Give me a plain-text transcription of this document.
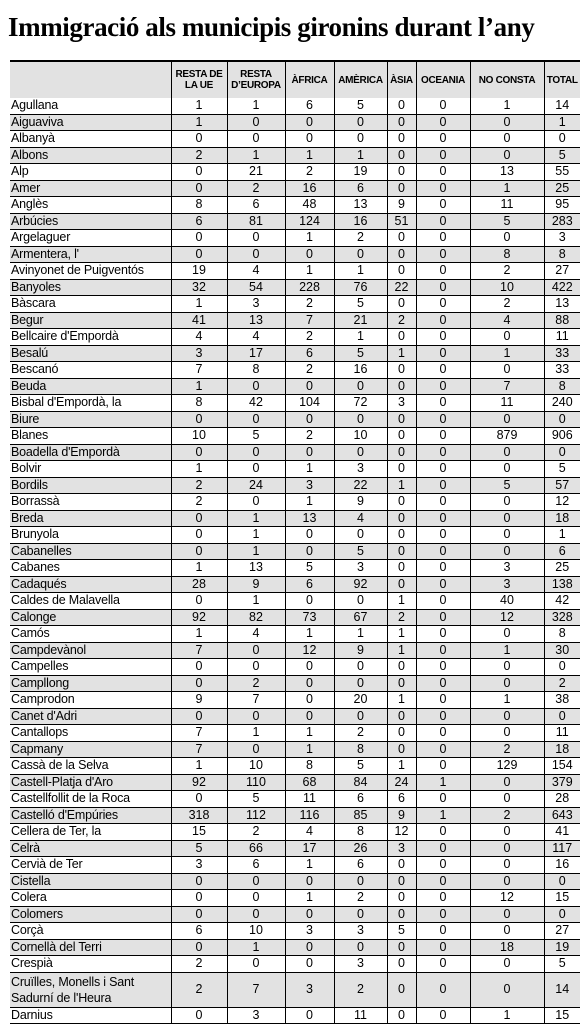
Immigració als municipis gironins durant l’any
	RESTA DE LA UE	RESTA D’EUROPA	ÀFRICA	AMÈRICA	ÀSIA	OCEANIA	NO CONSTA	TOTAL
Agullana	1	1	6	5	0	0	1	14
Aiguaviva	1	0	0	0	0	0	0	1
Albanyà	0	0	0	0	0	0	0	0
Albons	2	1	1	1	0	0	0	5
Alp	0	21	2	19	0	0	13	55
Amer	0	2	16	6	0	0	1	25
Anglès	8	6	48	13	9	0	11	95
Arbúcies	6	81	124	16	51	0	5	283
Argelaguer	0	0	1	2	0	0	0	3
Armentera, l'	0	0	0	0	0	0	8	8
Avinyonet de Puigventós	19	4	1	1	0	0	2	27
Banyoles	32	54	228	76	22	0	10	422
Bàscara	1	3	2	5	0	0	2	13
Begur	41	13	7	21	2	0	4	88
Bellcaire d'Empordà	4	4	2	1	0	0	0	11
Besalú	3	17	6	5	1	0	1	33
Bescanó	7	8	2	16	0	0	0	33
Beuda	1	0	0	0	0	0	7	8
Bisbal d'Empordà, la	8	42	104	72	3	0	11	240
Biure	0	0	0	0	0	0	0	0
Blanes	10	5	2	10	0	0	879	906
Boadella d'Empordà	0	0	0	0	0	0	0	0
Bolvir	1	0	1	3	0	0	0	5
Bordils	2	24	3	22	1	0	5	57
Borrassà	2	0	1	9	0	0	0	12
Breda	0	1	13	4	0	0	0	18
Brunyola	0	1	0	0	0	0	0	1
Cabanelles	0	1	0	5	0	0	0	6
Cabanes	1	13	5	3	0	0	3	25
Cadaqués	28	9	6	92	0	0	3	138
Caldes de Malavella	0	1	0	0	1	0	40	42
Calonge	92	82	73	67	2	0	12	328
Camós	1	4	1	1	1	0	0	8
Campdevànol	7	0	12	9	1	0	1	30
Campelles	0	0	0	0	0	0	0	0
Campllong	0	2	0	0	0	0	0	2
Camprodon	9	7	0	20	1	0	1	38
Canet d'Adri	0	0	0	0	0	0	0	0
Cantallops	7	1	1	2	0	0	0	11
Capmany	7	0	1	8	0	0	2	18
Cassà de la Selva	1	10	8	5	1	0	129	154
Castell-Platja d'Aro	92	110	68	84	24	1	0	379
Castellfollit de la Roca	0	5	11	6	6	0	0	28
Castelló d'Empúries	318	112	116	85	9	1	2	643
Cellera de Ter, la	15	2	4	8	12	0	0	41
Celrà	5	66	17	26	3	0	0	117
Cervià de Ter	3	6	1	6	0	0	0	16
Cistella	0	0	0	0	0	0	0	0
Colera	0	0	1	2	0	0	12	15
Colomers	0	0	0	0	0	0	0	0
Corçà	6	10	3	3	5	0	0	27
Cornellà del Terri	0	1	0	0	0	0	18	19
Crespià	2	0	0	3	0	0	0	5
Cruïlles, Monells i Sant Sadurní de l'Heura	2	7	3	2	0	0	0	14
Darnius	0	3	0	11	0	0	1	15
